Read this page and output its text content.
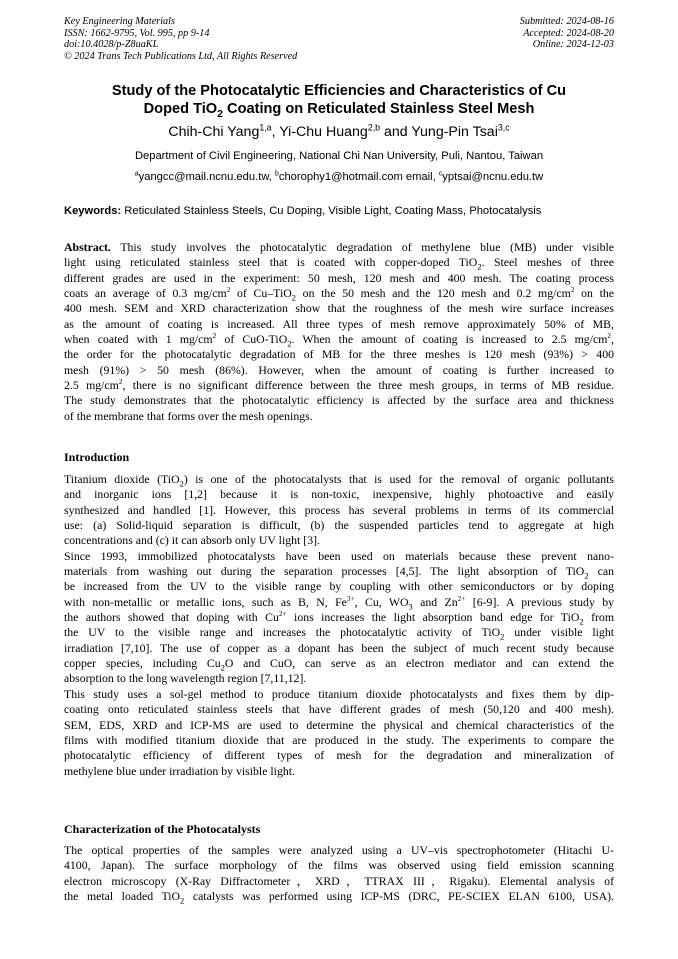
Key Engineering Materials
ISSN: 1662-9795, Vol. 995, pp 9-14
doi:10.4028/p-Z8uaKL
© 2024 Trans Tech Publications Ltd, All Rights Reserved
Submitted: 2024-08-16
Accepted: 2024-08-20
Online: 2024-12-03
Study of the Photocatalytic Efficiencies and Characteristics of Cu
Doped TiO$_2$ Coating on Reticulated Stainless Steel Mesh
Chih-Chi Yang$^{1,a}$, Yi-Chu Huang$^{2,b}$ and Yung-Pin Tsai$^{3,c}$
Department of Civil Engineering, National Chi Nan University, Puli, Nantou, Taiwan
$^a$yangcc@mail.ncnu.edu.tw, $^b$chorophy1@hotmail.com email, $^c$yptsai@ncnu.edu.tw
Keywords: Reticulated Stainless Steels, Cu Doping, Visible Light, Coating Mass, Photocatalysis
Abstract. This study involves the photocatalytic degradation of methylene blue (MB) under visible
light using reticulated stainless steel that is coated with copper-doped TiO$_2$. Steel meshes of three
different grades are used in the experiment: 50 mesh, 120 mesh and 400 mesh. The coating process
coats an average of 0.3 $mg/cm^2$ of Cu–TiO$_2$ on the 50 mesh and the 120 mesh and 0.2 $mg/cm^2$ on the
400 mesh. SEM and XRD characterization show that the roughness of the mesh wire surface increases
as the amount of coating is increased. All three types of mesh remove approximately 50% of MB,
when coated with 1 $mg/cm^2$ of CuO-TiO$_2$. When the amount of coating is increased to 2.5 $mg/cm^2$,
the order for the photocatalytic degradation of MB for the three meshes is 120 mesh (93%) > 400
mesh (91%) > 50 mesh (86%). However, when the amount of coating is further increased to
2.5 $mg/cm^2$, there is no significant difference between the three mesh groups, in terms of MB residue.
The study demonstrates that the photocatalytic efficiency is affected by the surface area and thickness
of the membrane that forms over the mesh openings.
Introduction
Titanium dioxide (TiO$_2$) is one of the photocatalysts that is used for the removal of organic pollutants
and inorganic ions [1,2] because it is non-toxic, inexpensive, highly photoactive and easily
synthesized and handled [1]. However, this process has several problems in terms of its commercial
use: (a) Solid-liquid separation is difficult, (b) the suspended particles tend to aggregate at high
concentrations and (c) it can absorb only UV light [3].
Since 1993, immobilized photocatalysts have been used on materials because these prevent nano-
materials from washing out during the separation processes [4,5]. The light absorption of TiO$_2$ can
be increased from the UV to the visible range by coupling with other semiconductors or by doping
with non-metallic or metallic ions, such as B, N, $Fe^{3+}$, Cu, $WO_3$ and $Zn^{2+}$ [6-9]. A previous study by
the authors showed that doping with $Cu^{2+}$ ions increases the light absorption band edge for TiO$_2$ from
the UV to the visible range and increases the photocatalytic activity of TiO$_2$ under visible light
irradiation [7,10]. The use of copper as a dopant has been the subject of much recent study because
copper species, including $Cu_2O$ and CuO, can serve as an electron mediator and can extend the
absorption to the long wavelength region [7,11,12].
This study uses a sol-gel method to produce titanium dioxide photocatalysts and fixes them by dip-
coating onto reticulated stainless steels that have different grades of mesh (50,120 and 400 mesh).
SEM, EDS, XRD and ICP-MS are used to determine the physical and chemical characteristics of the
films with modified titanium dioxide that are produced in the study. The experiments to compare the
photocatalytic efficiency of different types of mesh for the degradation and mineralization of
methylene blue under irradiation by visible light.
Characterization of the Photocatalysts
The optical properties of the samples were analyzed using a UV–vis spectrophotometer (Hitachi U-
4100, Japan). The surface morphology of the films was observed using field emission scanning
electron microscopy (X-Ray Diffractometer，XRD，TTRAX III，Rigaku). Elemental analysis of
the metal loaded TiO$_2$ catalysts was performed using ICP-MS (DRC, PE-SCIEX ELAN 6100, USA).
